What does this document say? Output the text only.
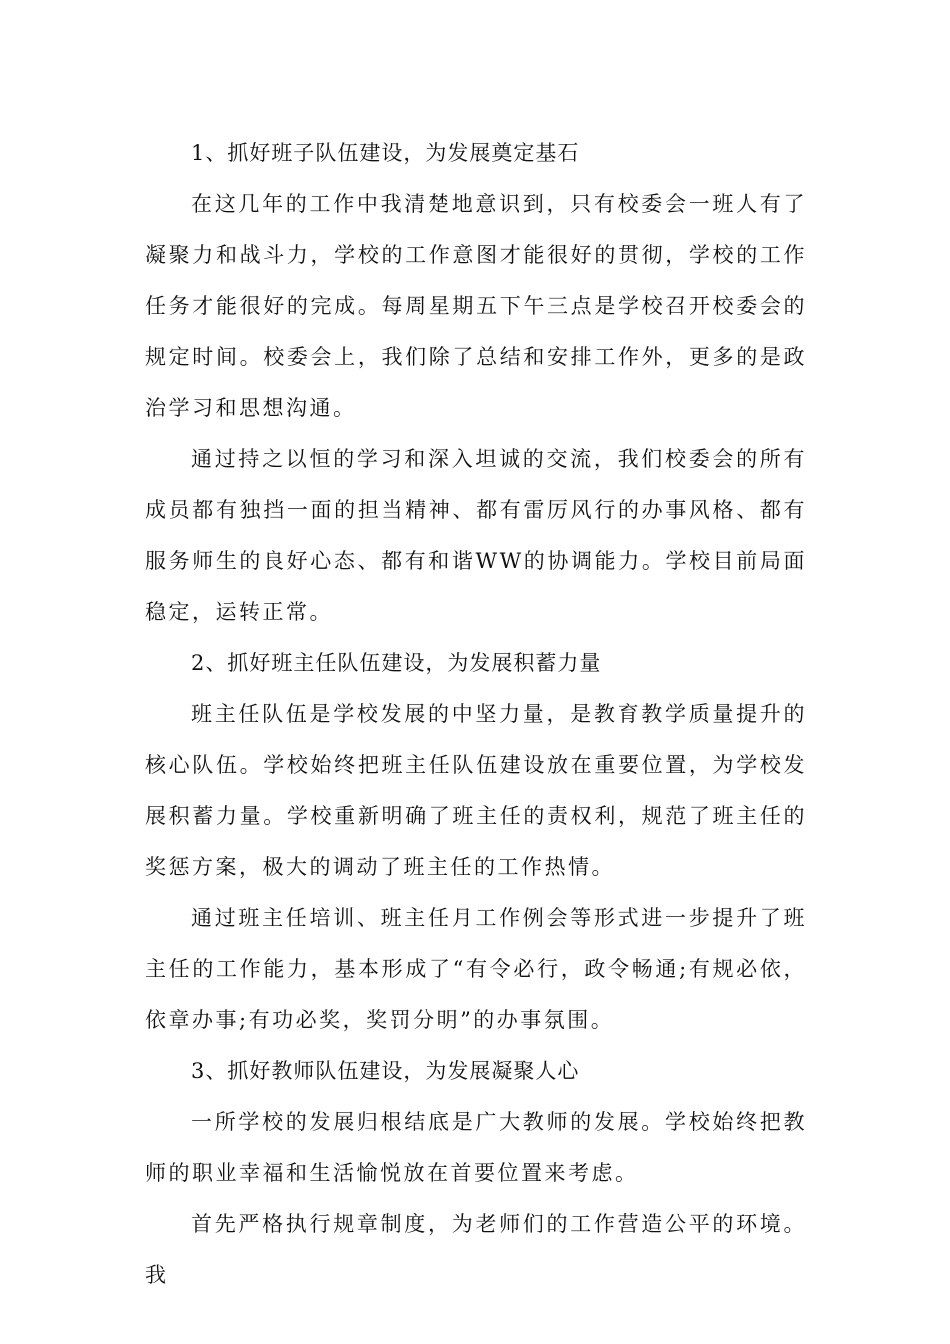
1、抓好班子队伍建设，为发展奠定基石

在这几年的工作中我清楚地意识到，只有校委会一班人有了凝聚力和战斗力，学校的工作意图才能很好的贯彻，学校的工作任务才能很好的完成。每周星期五下午三点是学校召开校委会的规定时间。校委会上，我们除了总结和安排工作外，更多的是政治学习和思想沟通。

通过持之以恒的学习和深入坦诚的交流，我们校委会的所有成员都有独挡一面的担当精神、都有雷厉风行的办事风格、都有服务师生的良好心态、都有和谐WW的协调能力。学校目前局面稳定，运转正常。

2、抓好班主任队伍建设，为发展积蓄力量

班主任队伍是学校发展的中坚力量，是教育教学质量提升的核心队伍。学校始终把班主任队伍建设放在重要位置，为学校发展积蓄力量。学校重新明确了班主任的责权利，规范了班主任的奖惩方案，极大的调动了班主任的工作热情。

通过班主任培训、班主任月工作例会等形式进一步提升了班主任的工作能力，基本形成了“有令必行，政令畅通;有规必依，依章办事;有功必奖，奖罚分明”的办事氛围。

3、抓好教师队伍建设，为发展凝聚人心

一所学校的发展归根结底是广大教师的发展。学校始终把教师的职业幸福和生活愉悦放在首要位置来考虑。

首先严格执行规章制度，为老师们的工作营造公平的环境。我
